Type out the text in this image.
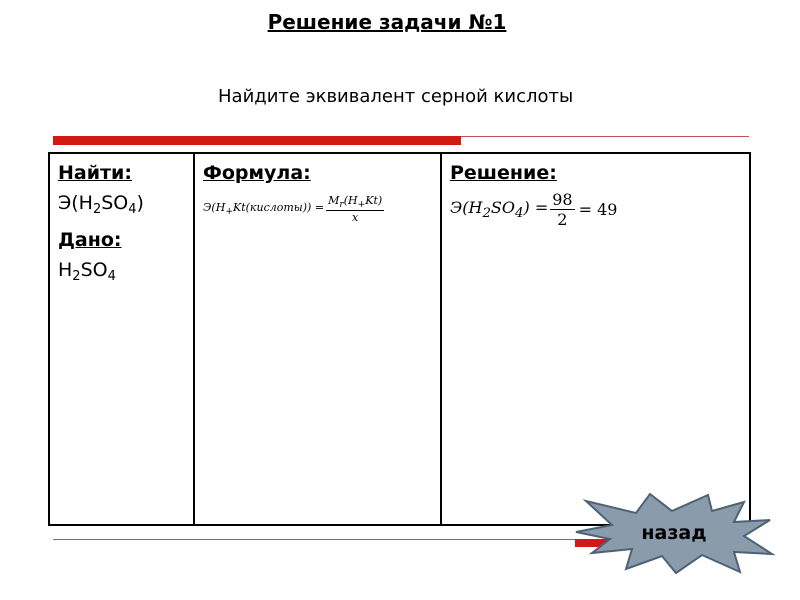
Решение задачи №1
Найдите эквивалент серной кислоты
Найти:
$Э(H_2SO_4)$
Дано:
$H_2SO_4$

Формула:
$Э(H_+Kt(кислоты)) = \frac{M_r(H_+Kt)}{x}$

Решение:
$Э(H_2SO_4) = \frac{98}{2} = 49$
назад
